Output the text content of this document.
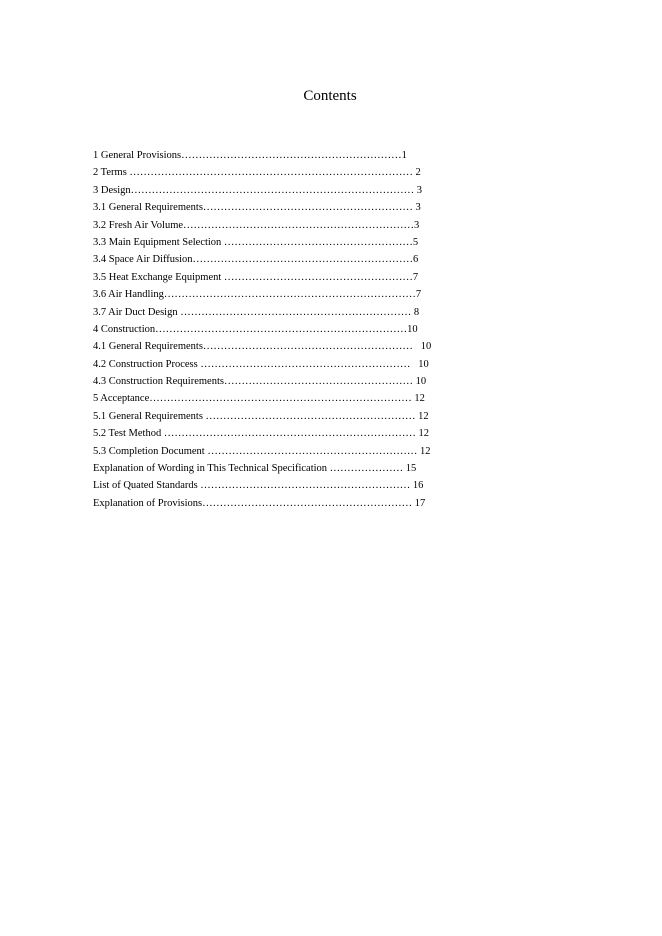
Contents
1 General Provisions………………………………………………………1
2 Terms ……………………………………………………………………… 2
3 Design……………………………………………………………………… 3
3.1 General Requirements…………………………………………………… 3
3.2 Fresh Air Volume…………………………………………………………3
3.3 Main Equipment Selection ………………………………………………5
3.4 Space Air Diffusion………………………………………………………6
3.5 Heat Exchange Equipment ………………………………………………7
3.6 Air Handling………………………………………………………………7
3.7 Air Duct Design ………………………………………………………… 8
4 Construction………………………………………………………………10
4.1 General Requirements……………………………………………………   10
4.2 Construction Process ……………………………………………………   10
4.3 Construction Requirements……………………………………………… 10
5 Acceptance………………………………………………………………… 12
5.1 General Requirements …………………………………………………… 12
5.2 Test Method ……………………………………………………………… 12
5.3 Completion Document …………………………………………………… 12
Explanation of Wording in This Technical Specification ………………… 15
List of Quated Standards …………………………………………………… 16
Explanation of Provisions…………………………………………………… 17
